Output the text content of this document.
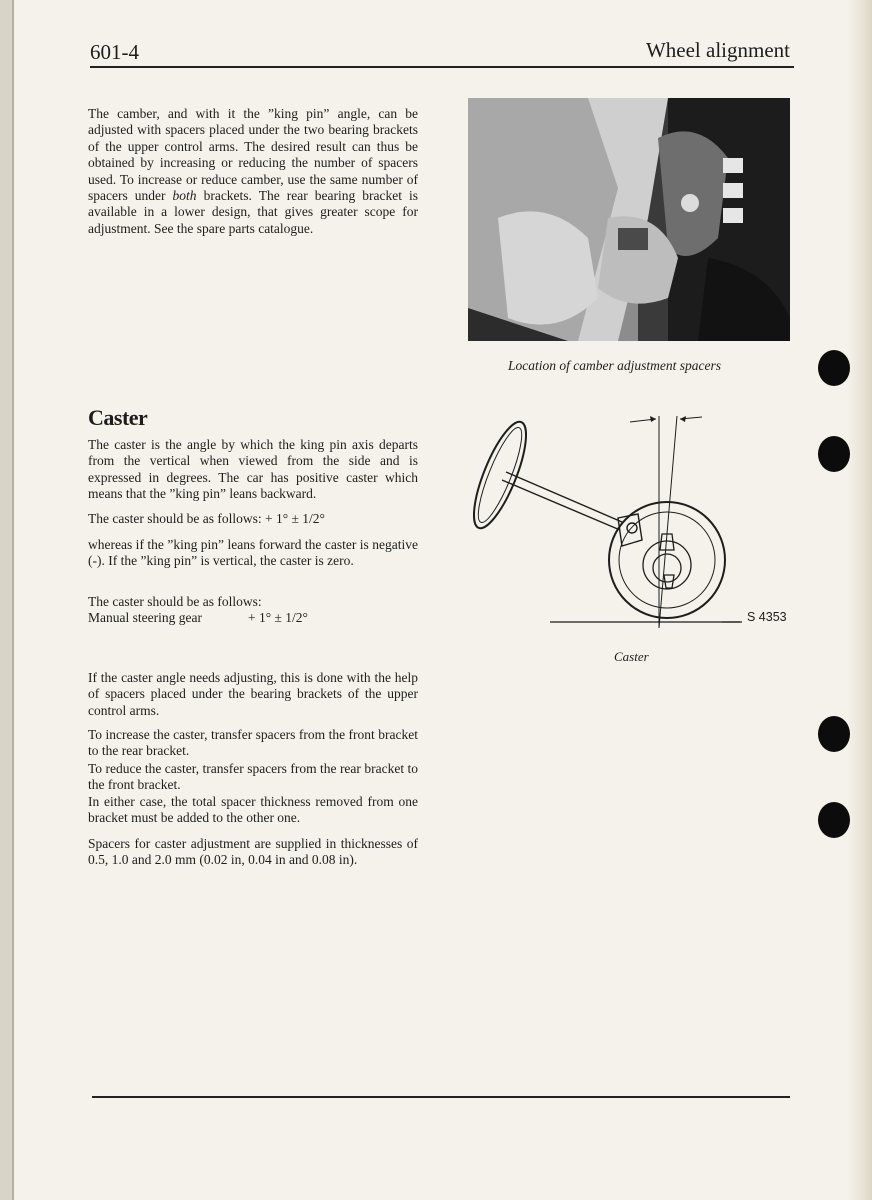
601-4	Wheel alignment

The camber, and with it the ”king pin” angle, can be adjusted with spacers placed under the two bearing brackets of the upper control arms. The desired result can thus be obtained by increasing or reducing the number of spacers used. To increase or reduce camber, use the same number of spacers under both brackets. The rear bearing bracket is available in a lower design, that gives greater scope for adjustment. See the spare parts catalogue.

Location of camber adjustment spacers
Caster

The caster is the angle by which the king pin axis departs from the vertical when viewed from the side and is expressed in degrees. The car has positive caster which means that the ”king pin” leans backward.

The caster should be as follows: + 1° ± 1/2°

whereas if the ”king pin” leans forward the caster is negative (-). If the ”king pin” is vertical, the caster is zero.

The caster should be as follows:

Manual steering gear	+ 1° ± 1/2°

If the caster angle needs adjusting, this is done with the help of spacers placed under the bearing brackets of the upper control arms.

To increase the caster, transfer spacers from the front bracket to the rear bracket.

To reduce the caster, transfer spacers from the rear bracket to the front bracket.

In either case, the total spacer thickness removed from one bracket must be added to the other one.

Spacers for caster adjustment are supplied in thicknesses of 0.5, 1.0 and 2.0 mm (0.02 in, 0.04 in and 0.08 in).

S 4353
Caster
